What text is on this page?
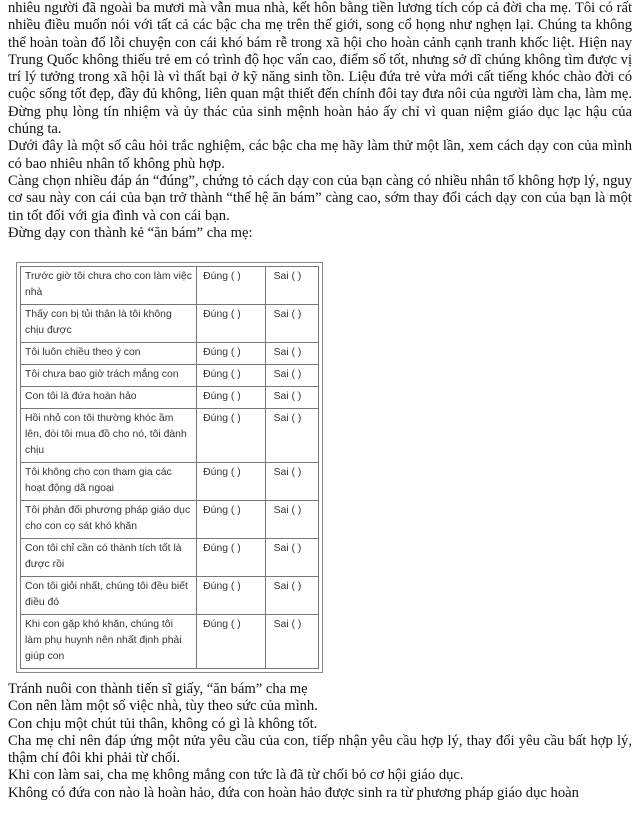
nhiêu người đã ngoài ba mươi mà vẫn mua nhà, kết hôn bằng tiền lương tích cóp cả đời cha mẹ. Tôi có rất nhiều điều muốn nói với tất cả các bậc cha mẹ trên thế giới, song cổ họng như nghẹn lại. Chúng ta không thể hoàn toàn đổ lỗi chuyện con cái khó bám rễ trong xã hội cho hoàn cảnh cạnh tranh khốc liệt. Hiện nay Trung Quốc không thiếu trẻ em có trình độ học vấn cao, điểm số tốt, nhưng sở dĩ chúng không tìm được vị trí lý tưởng trong xã hội là vì thất bại ở kỹ năng sinh tồn. Liệu đứa trẻ vừa mới cất tiếng khóc chào đời có cuộc sống tốt đẹp, đầy đủ không, liên quan mật thiết đến chính đôi tay đưa nôi của người làm cha, làm mẹ. Đừng phụ lòng tín nhiệm và ủy thác của sinh mệnh hoàn hảo ấy chỉ vì quan niệm giáo dục lạc hậu của chúng ta.

Dưới đây là một số câu hỏi trắc nghiệm, các bậc cha mẹ hãy làm thử một lần, xem cách dạy con của mình có bao nhiêu nhân tố không phù hợp.

Càng chọn nhiều đáp án “đúng”, chứng tỏ cách dạy con của bạn càng có nhiều nhân tố không hợp lý, nguy cơ sau này con cái của bạn trở thành “thế hệ ăn bám” càng cao, sớm thay đổi cách dạy con của bạn là một tin tốt đối với gia đình và con cái bạn.

Đừng dạy con thành kẻ “ăn bám” cha mẹ:

Trước giờ tôi chưa cho con làm việc nhà	Đúng ( )	Sai ( )
Thấy con bị tủi thân là tôi không chịu được	Đúng ( )	Sai ( )
Tôi luôn chiều theo ý con	Đúng ( )	Sai ( )
Tôi chưa bao giờ trách mắng con	Đúng ( )	Sai ( )
Con tôi là đứa hoàn hảo	Đúng ( )	Sai ( )
Hồi nhỏ con tôi thường khóc ầm lên, đòi tôi mua đồ cho nó, tôi đành chịu	Đúng ( )	Sai ( )
Tôi không cho con tham gia các hoạt động dã ngoại	Đúng ( )	Sai ( )
Tôi phản đối phương pháp giáo dục cho con cọ sát khó khăn	Đúng ( )	Sai ( )
Con tôi chỉ cần có thành tích tốt là được rồi	Đúng ( )	Sai ( )
Con tôi giỏi nhất, chúng tôi đều biết điều đó	Đúng ( )	Sai ( )
Khi con gặp khó khăn, chúng tôi làm phụ huynh nên nhất định phải giúp con	Đúng ( )	Sai ( )

Tránh nuôi con thành tiến sĩ giấy, “ăn bám” cha mẹ

Con nên làm một số việc nhà, tùy theo sức của mình.

Con chịu một chút tủi thân, không có gì là không tốt.

Cha mẹ chỉ nên đáp ứng một nửa yêu cầu của con, tiếp nhận yêu cầu hợp lý, thay đổi yêu cầu bất hợp lý, thậm chí đôi khi phải từ chối.

Khi con làm sai, cha mẹ không mắng con tức là đã từ chối bỏ cơ hội giáo dục.

Không có đứa con nào là hoàn hảo, đứa con hoàn hảo được sinh ra từ phương pháp giáo dục hoàn
